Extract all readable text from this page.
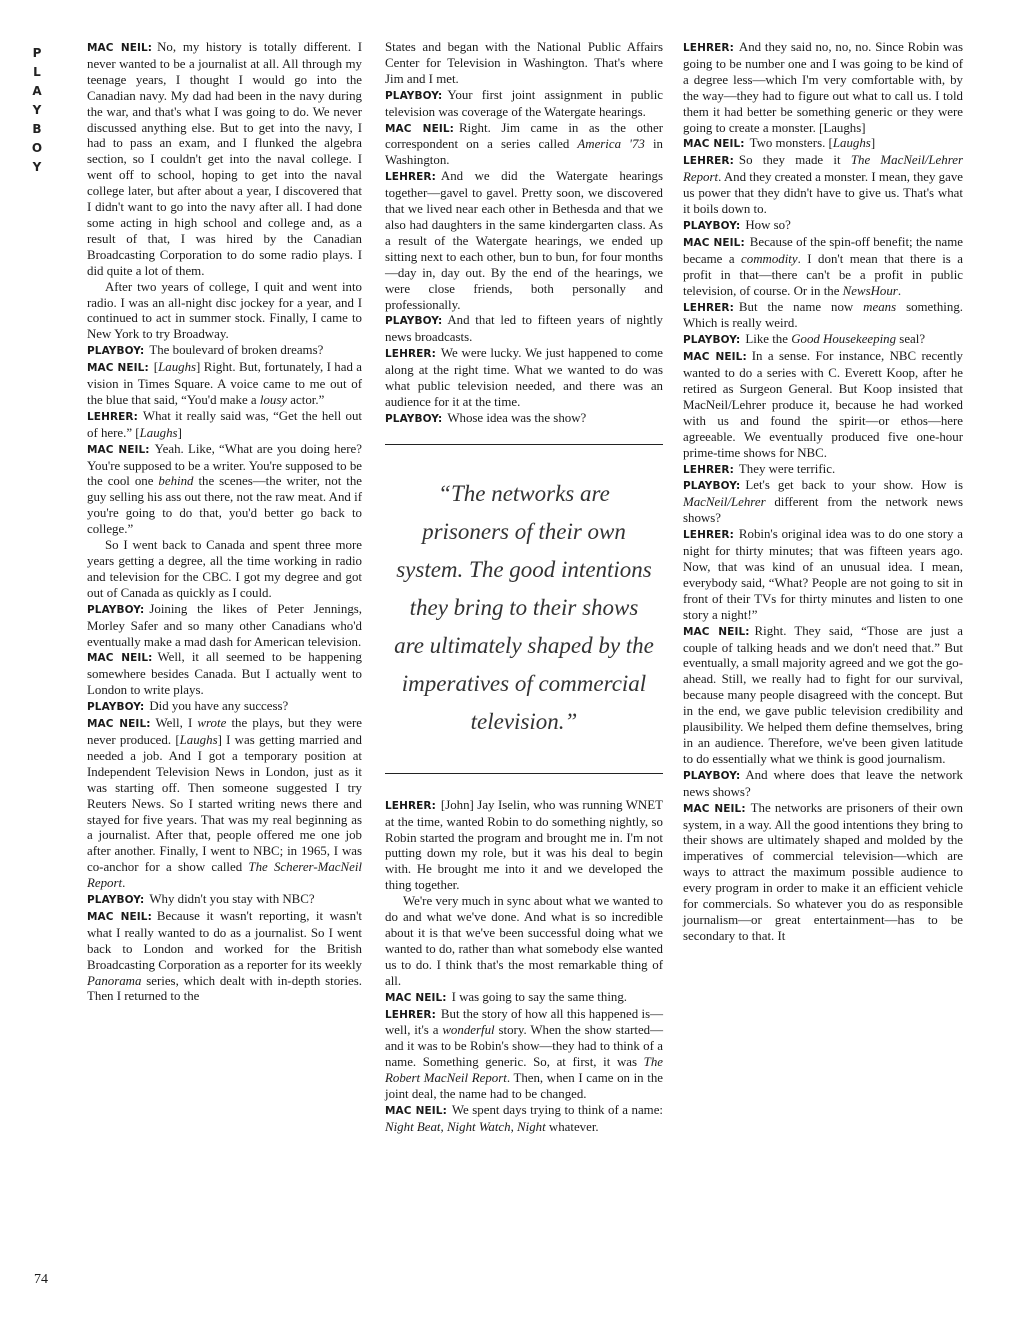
P
L
A
Y
B
O
Y
74

MAC NEIL: No, my history is totally different. I never wanted to be a journalist at all. All through my teenage years, I thought I would go into the Canadian navy. My dad had been in the navy during the war, and that's what I was going to do. We never discussed anything else. But to get into the navy, I had to pass an exam, and I flunked the algebra section, so I couldn't get into the naval college. I went off to school, hoping to get into the naval college later, but after about a year, I discovered that I didn't want to go into the navy after all. I had done some acting in high school and college and, as a result of that, I was hired by the Canadian Broadcasting Corporation to do some radio plays. I did quite a lot of them.

After two years of college, I quit and went into radio. I was an all-night disc jockey for a year, and I continued to act in summer stock. Finally, I came to New York to try Broadway.

PLAYBOY: The boulevard of broken dreams?

MAC NEIL: [Laughs] Right. But, fortunately, I had a vision in Times Square. A voice came to me out of the blue that said, “You'd make a lousy actor.”

LEHRER: What it really said was, “Get the hell out of here.” [Laughs]

MAC NEIL: Yeah. Like, “What are you doing here? You're supposed to be a writer. You're supposed to be the cool one behind the scenes—the writer, not the guy selling his ass out there, not the raw meat. And if you're going to do that, you'd better go back to college.”

So I went back to Canada and spent three more years getting a degree, all the time working in radio and television for the CBC. I got my degree and got out of Canada as quickly as I could.

PLAYBOY: Joining the likes of Peter Jennings, Morley Safer and so many other Canadians who'd eventually make a mad dash for American television.

MAC NEIL: Well, it all seemed to be happening somewhere besides Canada. But I actually went to London to write plays.

PLAYBOY: Did you have any success?

MAC NEIL: Well, I wrote the plays, but they were never produced. [Laughs] I was getting married and needed a job. And I got a temporary position at Independent Television News in London, just as it was starting off. Then someone suggested I try Reuters News. So I started writing news there and stayed for five years. That was my real beginning as a journalist. After that, people offered me one job after another. Finally, I went to NBC; in 1965, I was co-anchor for a show called The Scherer-MacNeil Report.

PLAYBOY: Why didn't you stay with NBC?

MAC NEIL: Because it wasn't reporting, it wasn't what I really wanted to do as a journalist. So I went back to London and worked for the British Broadcasting Corporation as a reporter for its weekly Panorama series, which dealt with in-depth stories. Then I returned to the

States and began with the National Public Affairs Center for Television in Washington. That's where Jim and I met.

PLAYBOY: Your first joint assignment in public television was coverage of the Watergate hearings.

MAC NEIL: Right. Jim came in as the other correspondent on a series called America '73 in Washington.

LEHRER: And we did the Watergate hearings together—gavel to gavel. Pretty soon, we discovered that we lived near each other in Bethesda and that we also had daughters in the same kindergarten class. As a result of the Watergate hearings, we ended up sitting next to each other, bun to bun, for four months—day in, day out. By the end of the hearings, we were close friends, both personally and professionally.

PLAYBOY: And that led to fifteen years of nightly news broadcasts.

LEHRER: We were lucky. We just happened to come along at the right time. What we wanted to do was what public television needed, and there was an audience for it at the time.

PLAYBOY: Whose idea was the show?

“The networks are prisoners of their own system. The good intentions they bring to their shows are ultimately shaped by the imperatives of commercial television.”

LEHRER: [John] Jay Iselin, who was running WNET at the time, wanted Robin to do something nightly, so Robin started the program and brought me in. I'm not putting down my role, but it was his deal to begin with. He brought me into it and we developed the thing together.

We're very much in sync about what we wanted to do and what we've done. And what is so incredible about it is that we've been successful doing what we wanted to do, rather than what somebody else wanted us to do. I think that's the most remarkable thing of all.

MAC NEIL: I was going to say the same thing.

LEHRER: But the story of how all this happened is—well, it's a wonderful story. When the show started—and it was to be Robin's show—they had to think of a name. Something generic. So, at first, it was The Robert MacNeil Report. Then, when I came on in the joint deal, the name had to be changed.

MAC NEIL: We spent days trying to think of a name: Night Beat, Night Watch, Night whatever.

LEHRER: And they said no, no, no. Since Robin was going to be number one and I was going to be kind of a degree less—which I'm very comfortable with, by the way—they had to figure out what to call us. I told them it had better be something generic or they were going to create a monster. [Laughs]

MAC NEIL: Two monsters. [Laughs]

LEHRER: So they made it The MacNeil/Lehrer Report. And they created a monster. I mean, they gave us power that they didn't have to give us. That's what it boils down to.

PLAYBOY: How so?

MAC NEIL: Because of the spin-off benefit; the name became a commodity. I don't mean that there is a profit in that—there can't be a profit in public television, of course. Or in the NewsHour.

LEHRER: But the name now means something. Which is really weird.

PLAYBOY: Like the Good Housekeeping seal?

MAC NEIL: In a sense. For instance, NBC recently wanted to do a series with C. Everett Koop, after he retired as Surgeon General. But Koop insisted that MacNeil/Lehrer produce it, because he had worked with us and found the spirit—or ethos—here agreeable. We eventually produced five one-hour prime-time shows for NBC.

LEHRER: They were terrific.

PLAYBOY: Let's get back to your show. How is MacNeil/Lehrer different from the network news shows?

LEHRER: Robin's original idea was to do one story a night for thirty minutes; that was fifteen years ago. Now, that was kind of an unusual idea. I mean, everybody said, “What? People are not going to sit in front of their TVs for thirty minutes and listen to one story a night!”

MAC NEIL: Right. They said, “Those are just a couple of talking heads and we don't need that.” But eventually, a small majority agreed and we got the go-ahead. Still, we really had to fight for our survival, because many people disagreed with the concept. But in the end, we gave public television credibility and plausibility. We helped them define themselves, bring in an audience. Therefore, we've been given latitude to do essentially what we think is good journalism.

PLAYBOY: And where does that leave the network news shows?

MAC NEIL: The networks are prisoners of their own system, in a way. All the good intentions they bring to their shows are ultimately shaped and molded by the imperatives of commercial television—which are ways to attract the maximum possible audience to every program in order to make it an efficient vehicle for commercials. So whatever you do as responsible journalism—or great entertainment—has to be secondary to that. It
